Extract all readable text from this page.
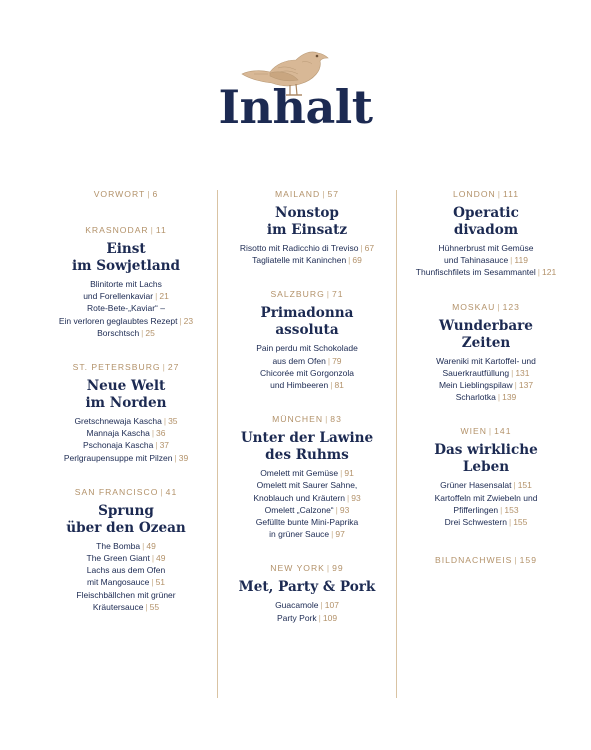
Inhalt
VORWORT | 6
KRASNODAR | 11
Einst
im Sowjetland
Blinitorte mit Lachs
und Forellenkaviar | 21
Rote-Bete-„Kaviar“ –
Ein verloren geglaubtes Rezept | 23
Borschtsch | 25
ST. PETERSBURG | 27
Neue Welt
im Norden
Gretschnewaja Kascha | 35
Mannaja Kascha | 36
Pschonaja Kascha | 37
Perlgraupensuppe mit Pilzen | 39
SAN FRANCISCO | 41
Sprung
über den Ozean
The Bomba | 49
The Green Giant | 49
Lachs aus dem Ofen
mit Mangosauce | 51
Fleischbällchen mit grüner
Kräutersauce | 55
MAILAND | 57
Nonstop
im Einsatz
Risotto mit Radicchio di Treviso | 67
Tagliatelle mit Kaninchen | 69
SALZBURG | 71
Primadonna
assoluta
Pain perdu mit Schokolade
aus dem Ofen | 79
Chicorée mit Gorgonzola
und Himbeeren | 81
MÜNCHEN | 83
Unter der Lawine
des Ruhms
Omelett mit Gemüse | 91
Omelett mit Saurer Sahne,
Knoblauch und Kräutern | 93
Omelett „Calzone“ | 93
Gefüllte bunte Mini-Paprika
in grüner Sauce | 97
NEW YORK | 99
Met, Party & Pork
Guacamole | 107
Party Pork | 109
LONDON | 111
Operatic
divadom
Hühnerbrust mit Gemüse
und Tahinasauce | 119
Thunfischfilets im Sesammantel | 121
MOSKAU | 123
Wunderbare
Zeiten
Wareniki mit Kartoffel- und
Sauerkrautfüllung | 131
Mein Lieblingspilaw | 137
Scharlotka | 139
WIEN | 141
Das wirkliche
Leben
Grüner Hasensalat | 151
Kartoffeln mit Zwiebeln und
Pfifferlingen | 153
Drei Schwestern | 155
BILDNACHWEIS | 159
